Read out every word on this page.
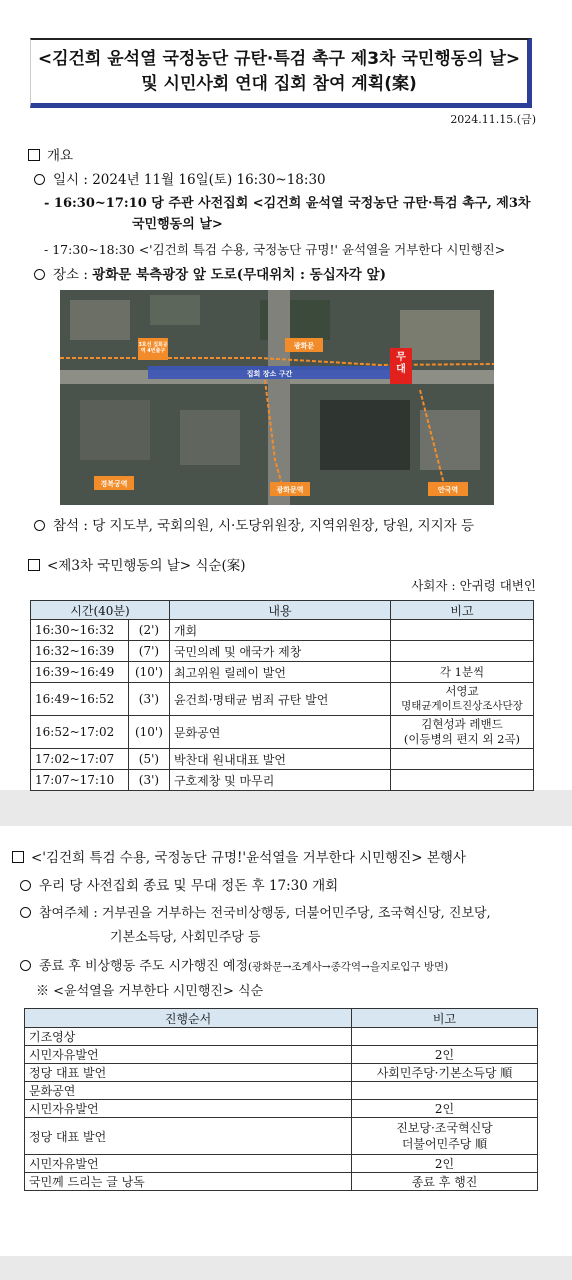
<김건희 윤석열 국정농단 규탄·특검 촉구 제3차 국민행동의 날>
및 시민사회 연대 집회 참여 계획(案)
2024.11.15.(금)
개요
일시 : 2024년 11월 16일(토) 16:30~18:30
- 16:30~17:10 당 주관 사전집회 <김건희 윤석열 국정농단 규탄·특검 촉구, 제3차
국민행동의 날>
- 17:30~18:30 <'김건희 특검 수용, 국정농단 규명!' 윤석열을 거부한다 시민행진>
장소 : 광화문 북측광장 앞 도로(무대위치 : 동십자각 앞)
3호선 집회공역 4번출구
광화문
무대
집회 장소 구간
경복궁역
광화문역	안국역
참석 : 당 지도부, 국회의원, 시·도당위원장, 지역위원장, 당원, 지지자 등
<제3차 국민행동의 날> 식순(案)
사회자 : 안귀령 대변인
시간(40분)		내용	비고
16:30~16:32	(2')	개회	
16:32~16:39	(7')	국민의례 및 애국가 제창	
16:39~16:49	(10')	최고위원 릴레이 발언	각 1분씩
16:49~16:52	(3')	윤건희·명태균 범죄 규탄 발언	서영교
명태균게이트진상조사단장

16:52~17:02	(10')	문화공연	김현성과 레밴드
(이등병의 편지 외 2곡)

17:02~17:07	(5')	박찬대 원내대표 발언	
17:07~17:10	(3')	구호제창 및 마무리	
<'김건희 특검 수용, 국정농단 규명!'윤석열을 거부한다 시민행진> 본행사
우리 당 사전집회 종료 및 무대 정돈 후 17:30 개회
참여주체 : 거부권을 거부하는 전국비상행동, 더불어민주당, 조국혁신당, 진보당,
기본소득당, 사회민주당 등
종료 후 비상행동 주도 시가행진 예정(광화문→조계사→종각역→을지로입구 방면)
※ <윤석열을 거부한다 시민행진> 식순
진행순서	비고
기조영상	
시민자유발언	2인
정당 대표 발언	사회민주당·기본소득당 順
문화공연	
시민자유발언	2인
정당 대표 발언	진보당·조국혁신당
더불어민주당 順

시민자유발언	2인
국민께 드리는 글 낭독	종료 후 행진
